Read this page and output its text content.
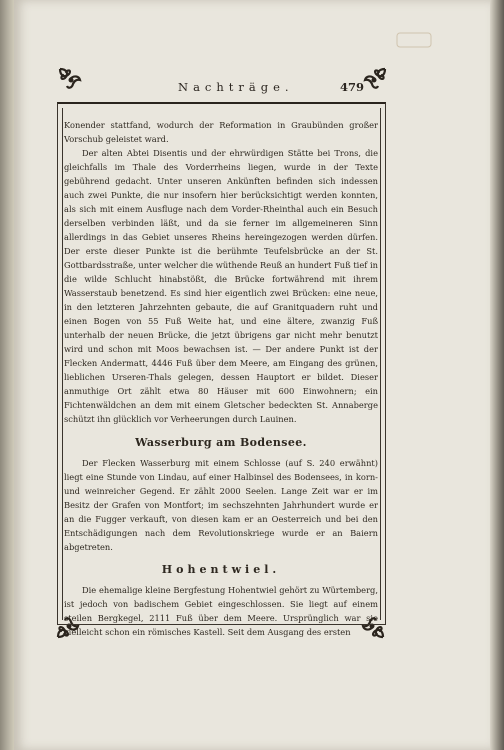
Nachträge.	479

Konender stattfand, wodurch der Reformation in Graubünden großer Vorschub geleistet ward.

Der alten Abtei Disentis und der ehrwürdigen Stätte bei Trons, die gleichfalls im Thale des Vorderrheins liegen, wurde in der Texte gebührend gedacht. Unter unseren Ankünften befinden sich indessen auch zwei Punkte, die nur insofern hier berücksichtigt werden konnten, als sich mit einem Ausfluge nach dem Vorder-Rheinthal auch ein Besuch derselben verbinden läßt, und da sie ferner im allgemeineren Sinn allerdings in das Gebiet unseres Rheins hereingezogen werden dürfen. Der erste dieser Punkte ist die berühmte Teufelsbrücke an der St. Gottbardsstraße, unter welcher die wüthende Reuß an hundert Fuß tief in die wilde Schlucht hinabstößt, die Brücke fortwährend mit ihrem Wasserstaub benetzend. Es sind hier eigentlich zwei Brücken: eine neue, in den letzteren Jahrzehnten gebaute, die auf Granitquadern ruht und einen Bogen von 55 Fuß Weite hat, und eine ältere, zwanzig Fuß unterhalb der neuen Brücke, die jetzt übrigens gar nicht mehr benutzt wird und schon mit Moos bewachsen ist. — Der andere Punkt ist der Flecken Andermatt, 4446 Fuß über dem Meere, am Eingang des grünen, lieblichen Urseren-Thals gelegen, dessen Hauptort er bildet. Dieser anmuthige Ort zählt etwa 80 Häuser mit 600 Einwohnern; ein Fichtenwäldchen an dem mit einem Gletscher bedeckten St. Annaberge schützt ihn glücklich vor Verheerungen durch Lauinen.

Wasserburg am Bodensee.

Der Flecken Wasserburg mit einem Schlosse (auf S. 240 erwähnt) liegt eine Stunde von Lindau, auf einer Halbinsel des Bodensees, in korn- und weinreicher Gegend. Er zählt 2000 Seelen. Lange Zeit war er im Besitz der Grafen von Montfort; im sechszehnten Jahrhundert wurde er an die Fugger verkauft, von diesen kam er an Oesterreich und bei den Entschädigungen nach dem Revolutionskriege wurde er an Baiern abgetreten.

Hohentwiel.

Die ehemalige kleine Bergfestung Hohentwiel gehört zu Würtemberg, ist jedoch von badischem Gebiet eingeschlossen. Sie liegt auf einem steilen Bergkegel, 2111 Fuß über dem Meere. Ursprünglich war sie vielleicht schon ein römisches Kastell. Seit dem Ausgang des ersten
